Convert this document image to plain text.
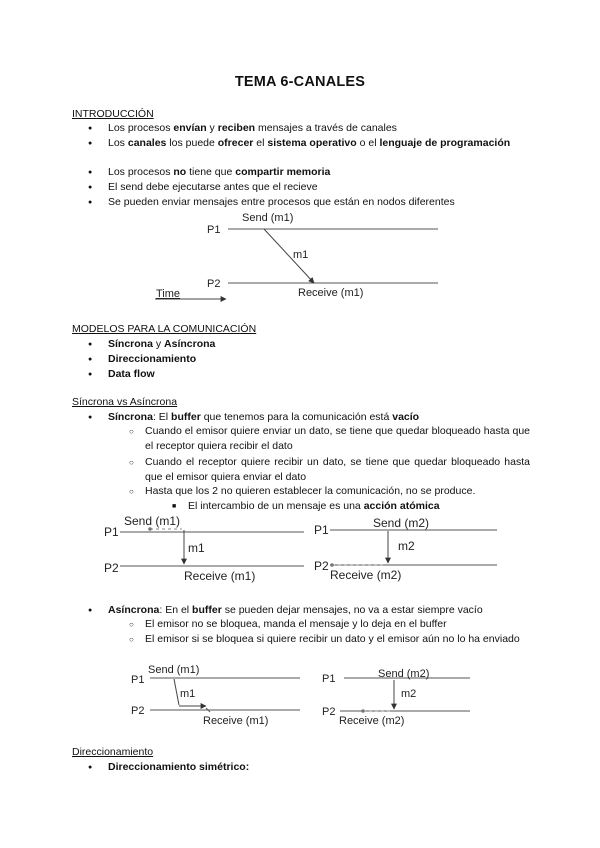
TEMA 6-CANALES
INTRODUCCIÓN
● Los procesos envían y reciben mensajes a través de canales
● Los canales los puede ofrecer el sistema operativo o el lenguaje de programación
● Los procesos no tiene que compartir memoria
● El send debe ejecutarse antes que el recieve
● Se pueden enviar mensajes entre procesos que están en nodos diferentes
MODELOS PARA LA COMUNICACIÓN
● Síncrona y Asíncrona
● Direccionamiento
● Data flow
Síncrona vs Asíncrona
● Síncrona: El buffer que tenemos para la comunicación está vacío
○ Cuando el emisor quiere enviar un dato, se tiene que quedar bloqueado hasta que el receptor quiera recibir el dato
○ Cuando el receptor quiere recibir un dato, se tiene que quedar bloqueado hasta que el emisor quiera enviar el dato
○ Hasta que los 2 no quieren establecer la comunicación, no se produce.
■ El intercambio de un mensaje es una acción atómica
● Asíncrona: En el buffer se pueden dejar mensajes, no va a estar siempre vacío
○ El emisor no se bloquea, manda el mensaje y lo deja en el buffer
○ El emisor si se bloquea si quiere recibir un dato y el emisor aún no lo ha enviado
Direccionamiento
● Direccionamiento simétrico:
P1
P2
Send (m1)
m1
Receive (m1)
Time
P1
P2
Send (m1)
m1
Receive (m1)
P1
P2
Send (m2)
m2
Receive (m2)
P1
P2
Send (m1)
m1
Receive (m1)
P1
P2
Send (m2)
m2
Receive (m2)
